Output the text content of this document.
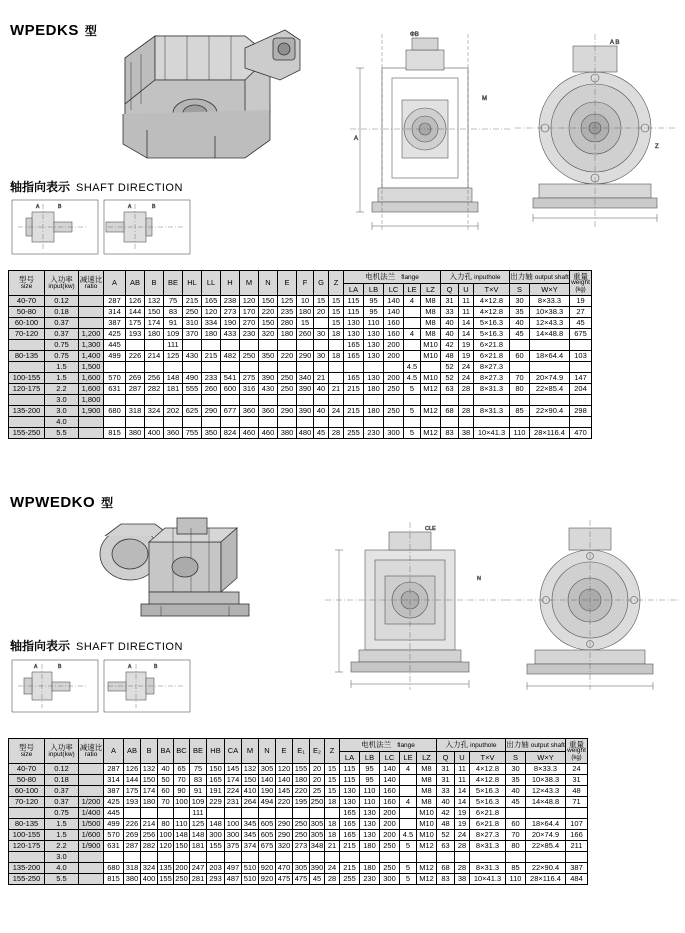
WPEDKS 型
A
ΦB
M
A B
Z
轴指向表示 SHAFT DIRECTION
A	B	A	B
型号
size

入功率
input(kw)

减速比
ratio	A	AB	B	BE	HL	LL	H	M	N	E	F	G	Z	电机法兰 flange	入力孔 inputhole	出力轴 output shaft	重量
weight
(kg)

																LA	LB	LC	LE	LZ	Q	U	T×V	S	W×Y	
40-70	0.12		287	126	132	75	215	165	238	120	150	125	10	15	15	115	95	140	4	M8	31	11	4×12.8	30	8×33.3	19
50-80	0.18		314	144	150	83	250	120	273	170	220	235	180	20	15	115	95	140		M8	33	11	4×12.8	35	10×38.3	27
60-100	0.37		387	175	174	91	310	334	190	270	150	280	15		15	130	110	160		M8	40	14	5×16.3	40	12×43.3	45
70-120	0.37	1,200	425	193	180	109	370	180	433	230	320	180	260	30	18	130	130	160	4	M8	40	14	5×16.3	45	14×48.8	675
	0.75	1,300	445			111										165	130	200		M10	42	19	6×21.8			
80-135	0.75	1,400	499	226	214	125	430	215	482	250	350	220	290	30	18	165	130	200		M10	48	19	6×21.8	60	18×64.4	103
	1.5	1,500																	4.5		52	24	8×27.3			
100-155	1.5	1,600	570	269	256	148	490	233	541	275	390	250	340	21		165	130	200	4.5	M10	52	24	8×27.3	70	20×74.9	147
120-175	2.2	1,600	631	287	282	181	555	260	600	316	430	250	390	40	21	215	180	250	5	M12	63	28	8×31.3	80	22×85.4	204
	3.0	1,800																								
135-200	3.0	1,900	680	318	324	202	625	290	677	360	360	290	390	40	24	215	180	250	5	M12	68	28	8×31.3	85	22×90.4	298
	4.0																									
155-250	5.5		815	380	400	360	755	350	824	460	460	380	480	45	28	255	230	300	5	M12	83	38	10×41.3	110	28×116.4	470
WPWEDKO 型
CLE
N
轴指向表示 SHAFT DIRECTION
A	B	A	B
型号
size

入功率
input(kw)

减速比
ratio	A	AB	B	BA	BC	BE	HB	CA	M	N	E	E₁	E₂	Z	电机法兰 flange	入力孔 inputhole	出力轴 output shaft	重量
weight
(kg)

																	LA	LB	LC	LE	LZ	Q	U	T×V	S	W×Y	
40-70	0.12		287	126	132	40	65	75	150	145	132	305	120	155	20	15	115	95	140	4	M8	31	11	4×12.8	30	8×33.3	24
50-80	0.18		314	144	150	50	70	83	165	174	150	140	140	180	20	15	115	95	140		M8	31	11	4×12.8	35	10×38.3	31
60-100	0.37		387	175	174	60	90	91	191	224	410	190	145	220	25	15	130	110	160		M8	33	14	5×16.3	40	12×43.3	48
70-120	0.37	1/200	425	193	180	70	100	109	229	231	264	494	220	195	250	18	130	110	160	4	M8	40	14	5×16.3	45	14×48.8	71
	0.75	1/400	445					111									165	130	200		M10	42	19	6×21.8			
80-135	1.5	1/500	499	226	214	80	110	125	148	100	345	605	290	250	305	18	165	130	200		M10	48	19	6×21.8	60	18×64.4	107
100-155	1.5	1/600	570	269	256	100	148	148	300	300	345	605	290	250	305	18	165	130	200	4.5	M10	52	24	8×27.3	70	20×74.9	166
120-175	2.2	1/900	631	287	282	120	150	181	155	375	374	675	320	273	348	21	215	180	250	5	M12	63	28	8×31.3	80	22×85.4	211
	3.0																										
135-200	4.0		680	318	324	135	200	247	203	497	510	920	470	305	390	24	215	180	250	5	M12	68	28	8×31.3	85	22×90.4	387
155-250	5.5		815	380	400	155	250	281	293	487	510	920	475	475	45	28	255	230	300	5	M12	83	38	10×41.3	110	28×116.4	484
